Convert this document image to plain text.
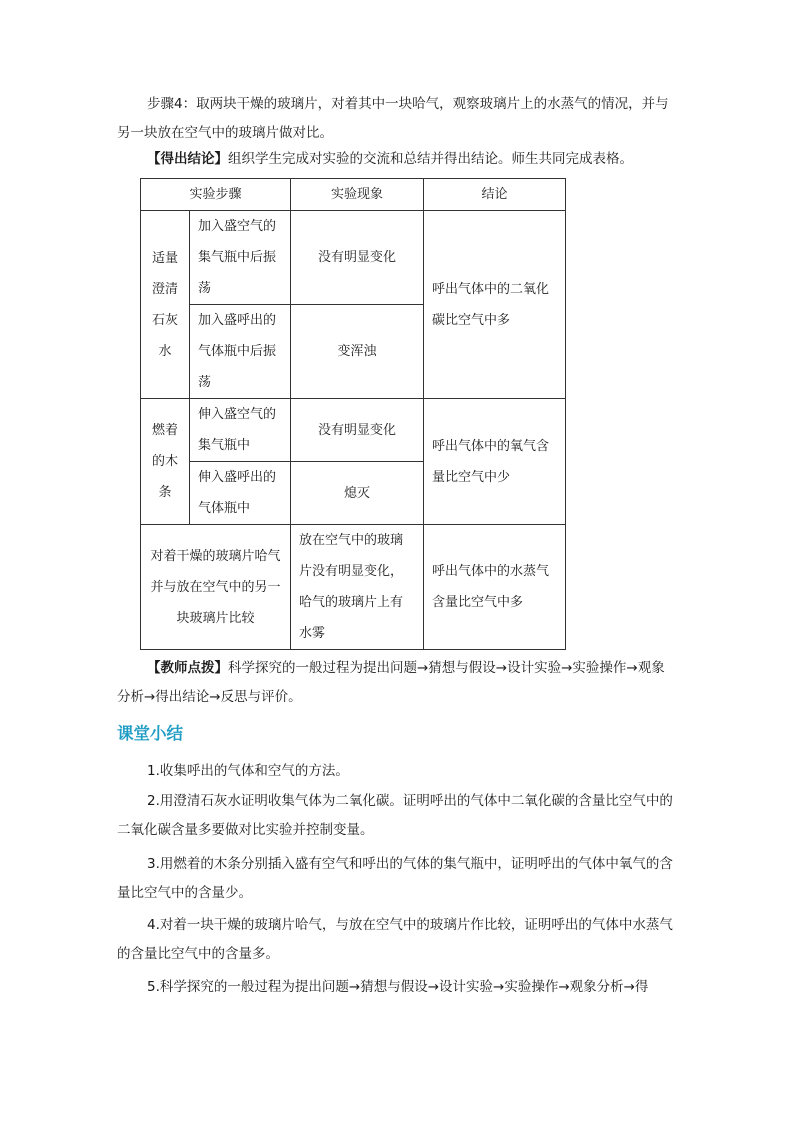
步骤4：取两块干燥的玻璃片，对着其中一块哈气，观察玻璃片上的水蒸气的情况，并与另一块放在空气中的玻璃片做对比。

【得出结论】组织学生完成对实验的交流和总结并得出结论。师生共同完成表格。

实验步骤		实验现象	结论
适量澄清石灰水	加入盛空气的集气瓶中后振荡	没有明显变化	呼出气体中的二氧化碳比空气中多
	加入盛呼出的气体瓶中后振荡	变浑浊	
燃着的木条	伸入盛空气的集气瓶中	没有明显变化	呼出气体中的氧气含量比空气中少
	伸入盛呼出的气体瓶中	熄灭	
对着干燥的玻璃片哈气并与放在空气中的另一块玻璃片比较		放在空气中的玻璃片没有明显变化，哈气的玻璃片上有水雾	呼出气体中的水蒸气含量比空气中多

【教师点拨】科学探究的一般过程为提出问题→猜想与假设→设计实验→实验操作→观象分析→得出结论→反思与评价。

课堂小结

1.收集呼出的气体和空气的方法。

2.用澄清石灰水证明收集气体为二氧化碳。证明呼出的气体中二氧化碳的含量比空气中的二氧化碳含量多要做对比实验并控制变量。

3.用燃着的木条分别插入盛有空气和呼出的气体的集气瓶中，证明呼出的气体中氧气的含量比空气中的含量少。

4.对着一块干燥的玻璃片哈气，与放在空气中的玻璃片作比较，证明呼出的气体中水蒸气的含量比空气中的含量多。

5.科学探究的一般过程为提出问题→猜想与假设→设计实验→实验操作→观象分析→得
